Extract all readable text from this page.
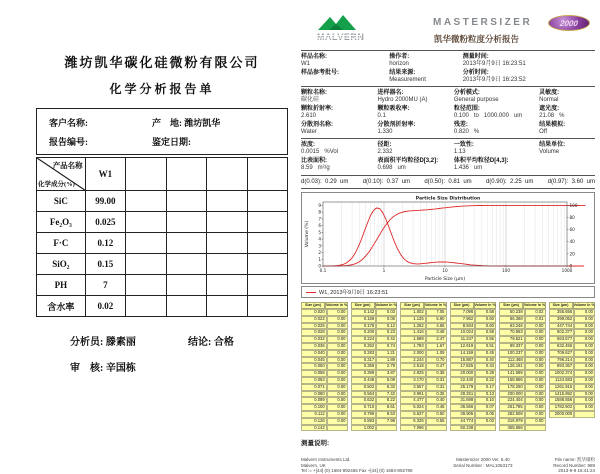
潍坊凯华碳化硅微粉有限公司
化学分析报告单
客户名称:	产    地: 潍坊凯华
报告编号:	鉴定日期:
产品名称
化学成分(%)	W1				
SiC	99.00				
Fe₂O₃	0.025				
F·C	0.12				
SiO₂	0.15				
PH	7				
含水率	0.02				
分析员: 滕素丽	结论: 合格
审    核: 辛国栋
MALVERN
MASTERSIZER	2000
凯华微粉粒度分析报告
样品名称:
W1
操作者:
horizon
测量时间:
2013年9月9日 16:23:51
样品参考批号:	结果来源:
Measurement
分析时间:
2013年9月9日 16:23:52
颗粒名称:
碳化硅
进样器名:
Hydro 2000MU (A)
分析模式:
General purpose
灵敏度:
Normal
颗粒折射率:
2.610
颗粒吸收率:
0.1
粒径范围:
0.100   to   1000.000   um
遮光度:
21.08   %
分散剂名称:
Water
分散剂折射率:
1.330
残差:
0.820   %
结果模拟:
Off
浓度:
0.0015   %Vol
径距:
2.332
一致性:
1.13
结果单位:
Volume
比表面积:
8.59   m²/g
表面积平均粒径D[3,2]:
0.698   um
体积平均粒径D[4,3]:
1.436   um
d(0.03):  0.29  um d(0.10):  0.37  um d(0.50):  0.81  um d(0.90):  2.25  um d(0.97):  3.60  um
0
1
2
3
4
5
6
7
8
9
0
20
40
60
80
100
0.1	1	10	100	1000
Particle Size Distribution
Particle Size (µm)
Volume (%)
W1, 2013年9月9日 16:23:51
Size (µm)	Volume In %
0.020	0.00
0.022	0.00
0.025	0.00
0.028	0.00
0.032	0.00
0.036	0.00
0.040	0.00
0.045	0.00
0.050	0.00
0.056	0.00
0.063	0.00
0.071	0.00
0.080	0.00
0.089	0.00
0.100	0.00
0.112	0.00
0.126	0.00
0.142
Size (µm)	Volume In %
0.142	0.03
0.159	0.06
0.178	0.12
0.200	0.23
0.224	0.42
0.252	0.74
0.283	1.21
0.317	1.89
0.356	2.79
0.399	3.87
0.448	5.09
0.502	6.32
0.564	7.42
0.632	8.22
0.710	8.61
0.796	8.53
0.893	7.98
1.002
Size (µm)	Volume In %
1.002	7.05
1.125	5.90
1.262	4.66
1.416	3.48
1.589	2.47
1.783	1.67
2.000	1.09
2.244	0.70
2.518	0.47
2.825	0.35
3.170	0.31
3.557	0.31
3.991	0.35
4.477	0.40
5.024	0.45
5.637	0.50
6.325	0.55
7.096
Size (µm)	Volume In %
7.096	0.58
7.962	0.60
8.934	0.60
10.024	0.58
11.247	0.55
12.619	0.51
14.159	0.45
15.887	0.40
17.825	0.34
20.000	0.28
22.440	0.22
25.179	0.17
28.251	0.13
31.698	0.10
35.566	0.07
39.905	0.05
44.774	0.03
50.238
Size (µm)	Volume In %
50.238	0.02
56.368	0.01
63.246	0.00
70.963	0.00
79.621	0.00
89.337	0.00
100.237	0.00
112.468	0.00
126.191	0.00
141.589	0.00
158.866	0.00
178.250	0.00
200.000	0.00
224.404	0.00
251.785	0.00
282.508	0.00
316.979	0.00
355.656
Size (µm)	Volume In %
355.656	0.00
399.052	0.00
447.744	0.00
502.377	0.00
563.677	0.00
632.456	0.00
709.627	0.00
796.214	0.00
893.367	0.00
1002.374	0.00
1124.683	0.00
1261.915	0.00
1415.892	0.00
1588.656	0.00
1782.502	0.00
2000.000
测量说明:
Malvern Instruments Ltd.
Malvern, UK
Tel := +[44] (0) 1684-892456 Fax +[44] (0) 1684-892789
Mastersizer 2000 Ver. 5.40
Serial Number : MAL1063173
File name: 凯华微粉
Record Number: 989
2013-9-9 16:41:24
